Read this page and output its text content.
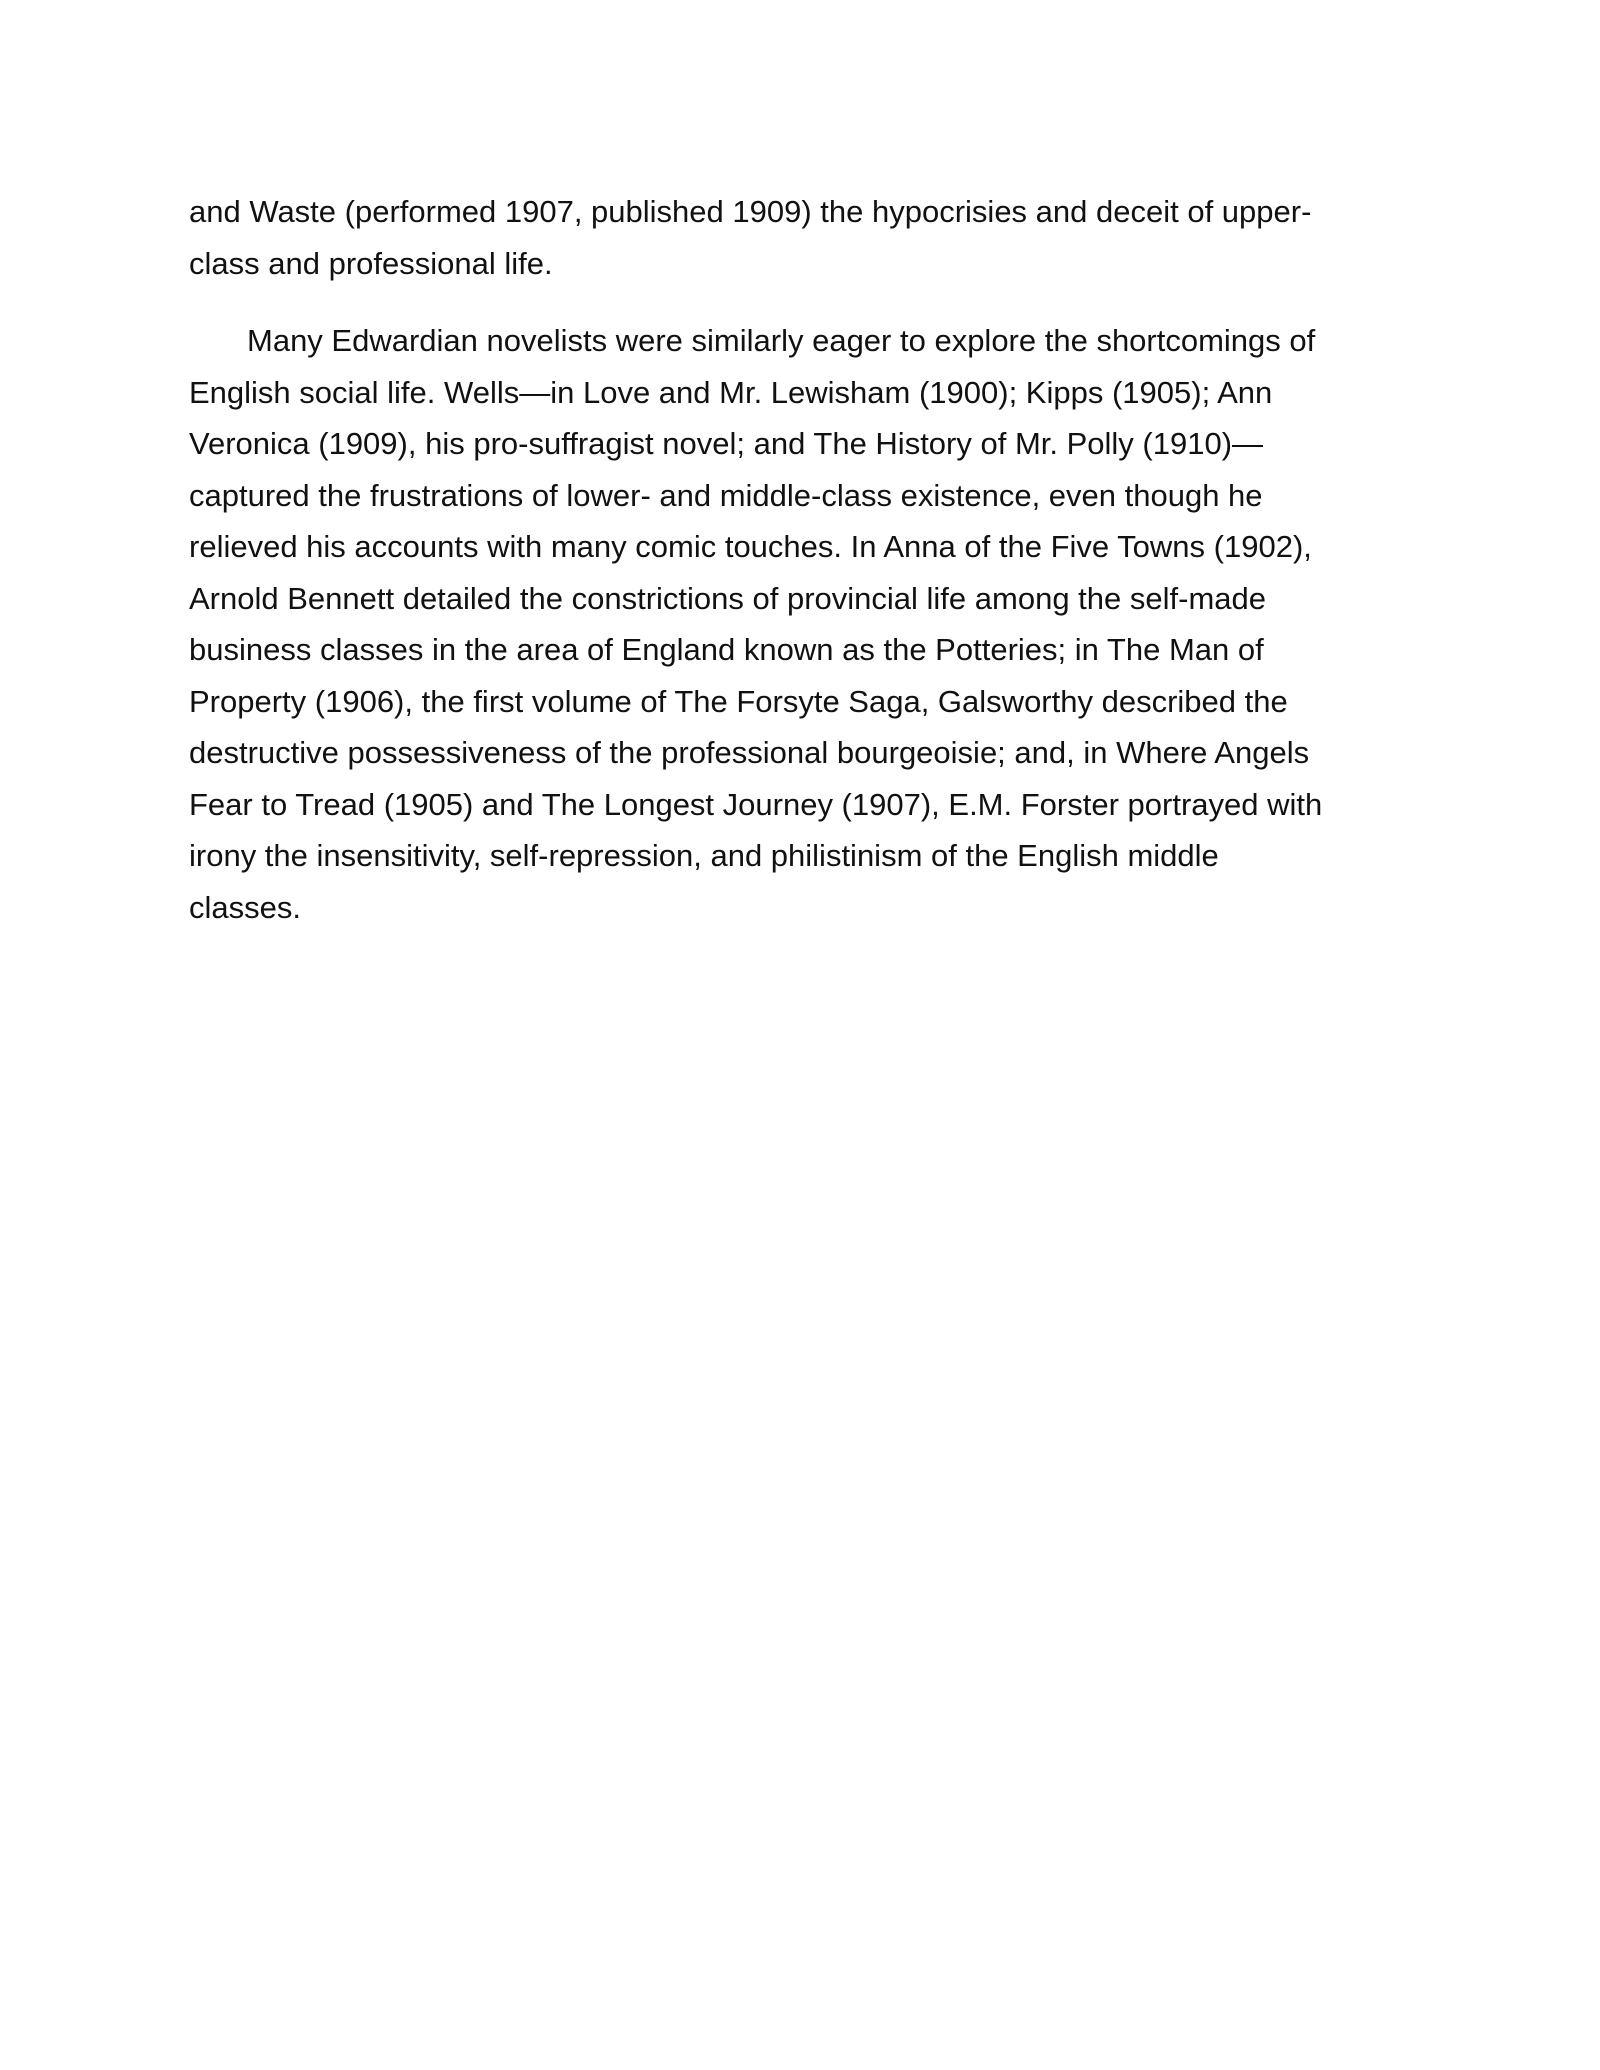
and Waste (performed 1907, published 1909) the hypocrisies and deceit of upper-
class and professional life.

Many Edwardian novelists were similarly eager to explore the shortcomings of
English social life. Wells—in Love and Mr. Lewisham (1900); Kipps (1905); Ann
Veronica (1909), his pro-suffragist novel; and The History of Mr. Polly (1910)—
captured the frustrations of lower- and middle-class existence, even though he
relieved his accounts with many comic touches. In Anna of the Five Towns (1902),
Arnold Bennett detailed the constrictions of provincial life among the self-made
business classes in the area of England known as the Potteries; in The Man of
Property (1906), the first volume of The Forsyte Saga, Galsworthy described the
destructive possessiveness of the professional bourgeoisie; and, in Where Angels
Fear to Tread (1905) and The Longest Journey (1907), E.M. Forster portrayed with
irony the insensitivity, self-repression, and philistinism of the English middle
classes.
